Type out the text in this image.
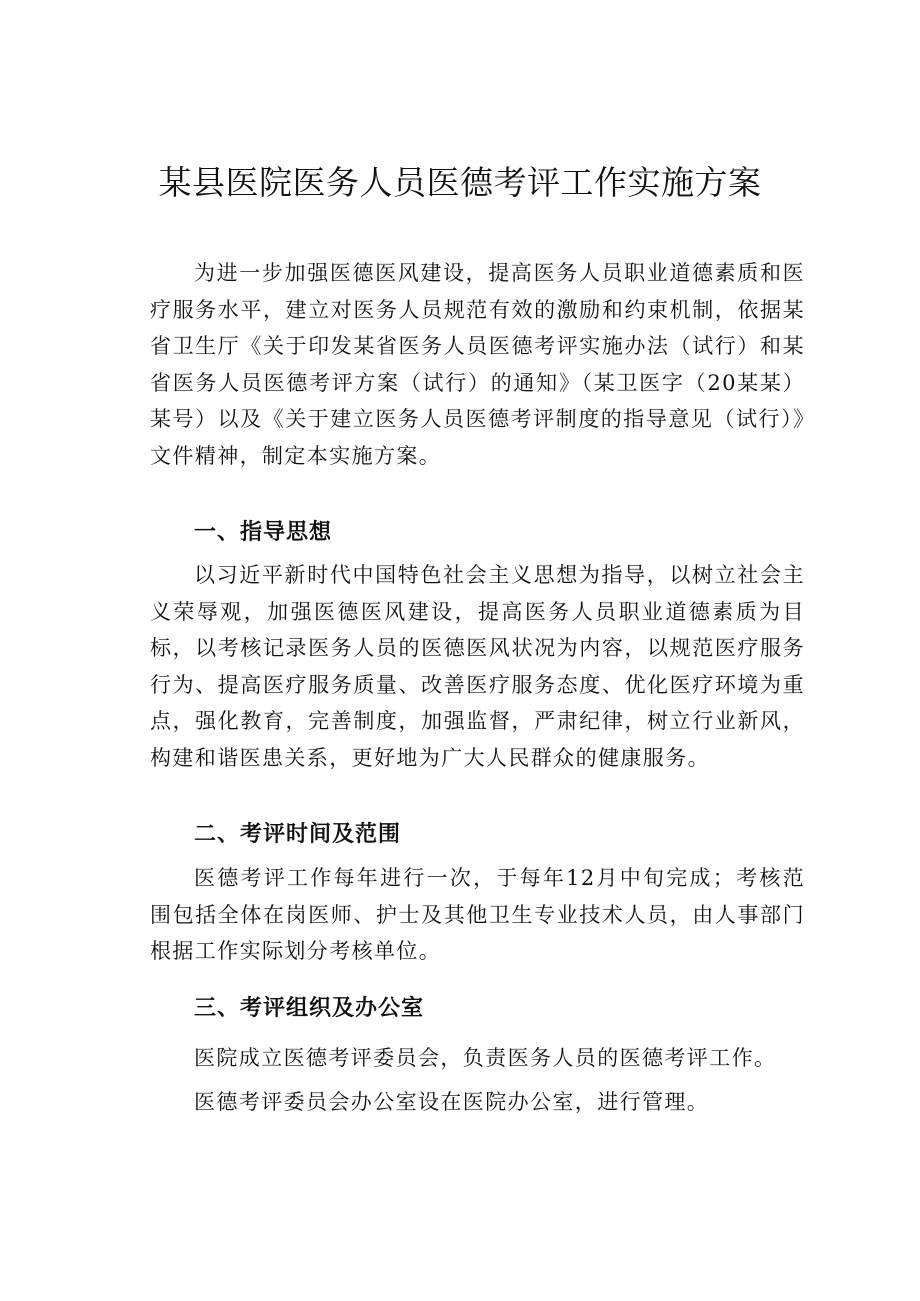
某县医院医务人员医德考评工作实施方案
为进一步加强医德医风建设，提高医务人员职业道德素质和医疗服务水平，建立对医务人员规范有效的激励和约束机制，依据某省卫生厅《关于印发某省医务人员医德考评实施办法（试行）和某省医务人员医德考评方案（试行）的通知》（某卫医字（20某某）某号）以及《关于建立医务人员医德考评制度的指导意见（试行）》文件精神，制定本实施方案。
一、指导思想
以习近平新时代中国特色社会主义思想为指导，以树立社会主义荣辱观，加强医德医风建设，提高医务人员职业道德素质为目标，以考核记录医务人员的医德医风状况为内容，以规范医疗服务行为、提高医疗服务质量、改善医疗服务态度、优化医疗环境为重点，强化教育，完善制度，加强监督，严肃纪律，树立行业新风，构建和谐医患关系，更好地为广大人民群众的健康服务。
二、考评时间及范围
医德考评工作每年进行一次，于每年12月中旬完成；考核范围包括全体在岗医师、护士及其他卫生专业技术人员，由人事部门根据工作实际划分考核单位。
三、考评组织及办公室
医院成立医德考评委员会，负责医务人员的医德考评工作。
医德考评委员会办公室设在医院办公室，进行管理。
